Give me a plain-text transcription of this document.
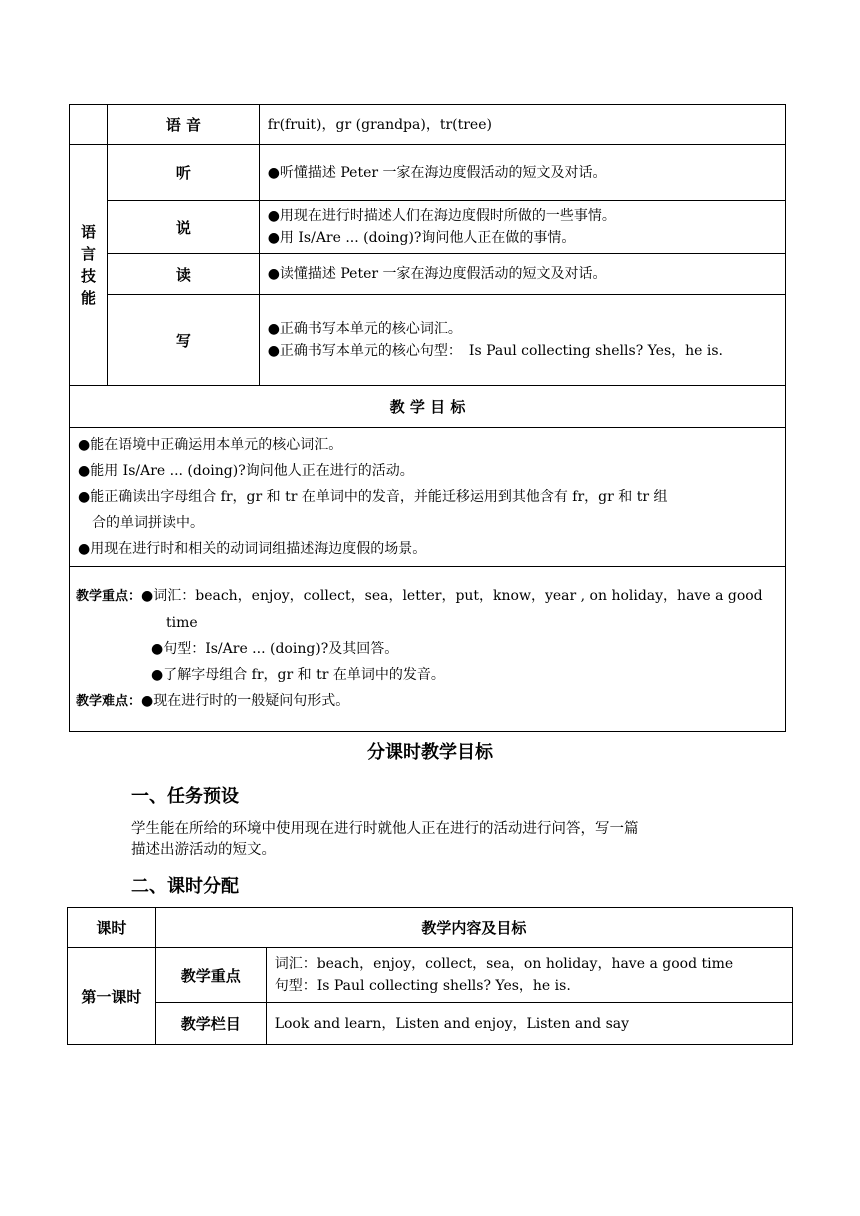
	语 音	fr(fruit)，gr (grandpa)，tr(tree)

语
言
技
能	听	●听懂描述 Peter 一家在海边度假活动的短文及对话。
	说	●用现在进行时描述人们在海边度假时所做的一些事情。
●用 Is/Are ... (doing)?询问他人正在做的事情。

	读	●读懂描述 Peter 一家在海边度假活动的短文及对话。
	写	●正确书写本单元的核心词汇。
●正确书写本单元的核心句型：　Is Paul collecting shells? Yes，he is.

教 学 目 标		

●能在语境中正确运用本单元的核心词汇。
●能用 Is/Are ... (doing)?询问他人正在进行的活动。
●能正确读出字母组合 fr，gr 和 tr 在单词中的发音，并能迁移运用到其他含有 fr，gr 和 tr 组
合的单词拼读中。
●用现在进行时和相关的动词词组描述海边度假的场景。		

教学重点：●词汇：beach，enjoy，collect，sea，letter，put，know，year , on holiday，have a good
time
●句型：Is/Are ... (doing)?及其回答。
●了解字母组合 fr，gr 和 tr 在单词中的发音。
教学难点：●现在进行时的一般疑问句形式。		
分课时教学目标
一、任务预设
学生能在所给的环境中使用现在进行时就他人正在进行的活动进行问答，写一篇
描述出游活动的短文。
二、课时分配
课时	教学内容及目标	
第一课时	教学重点	词汇：beach，enjoy，collect，sea，on holiday，have a good time
句型：Is Paul collecting shells? Yes，he is.

	教学栏目	Look and learn，Listen and enjoy，Listen and say
